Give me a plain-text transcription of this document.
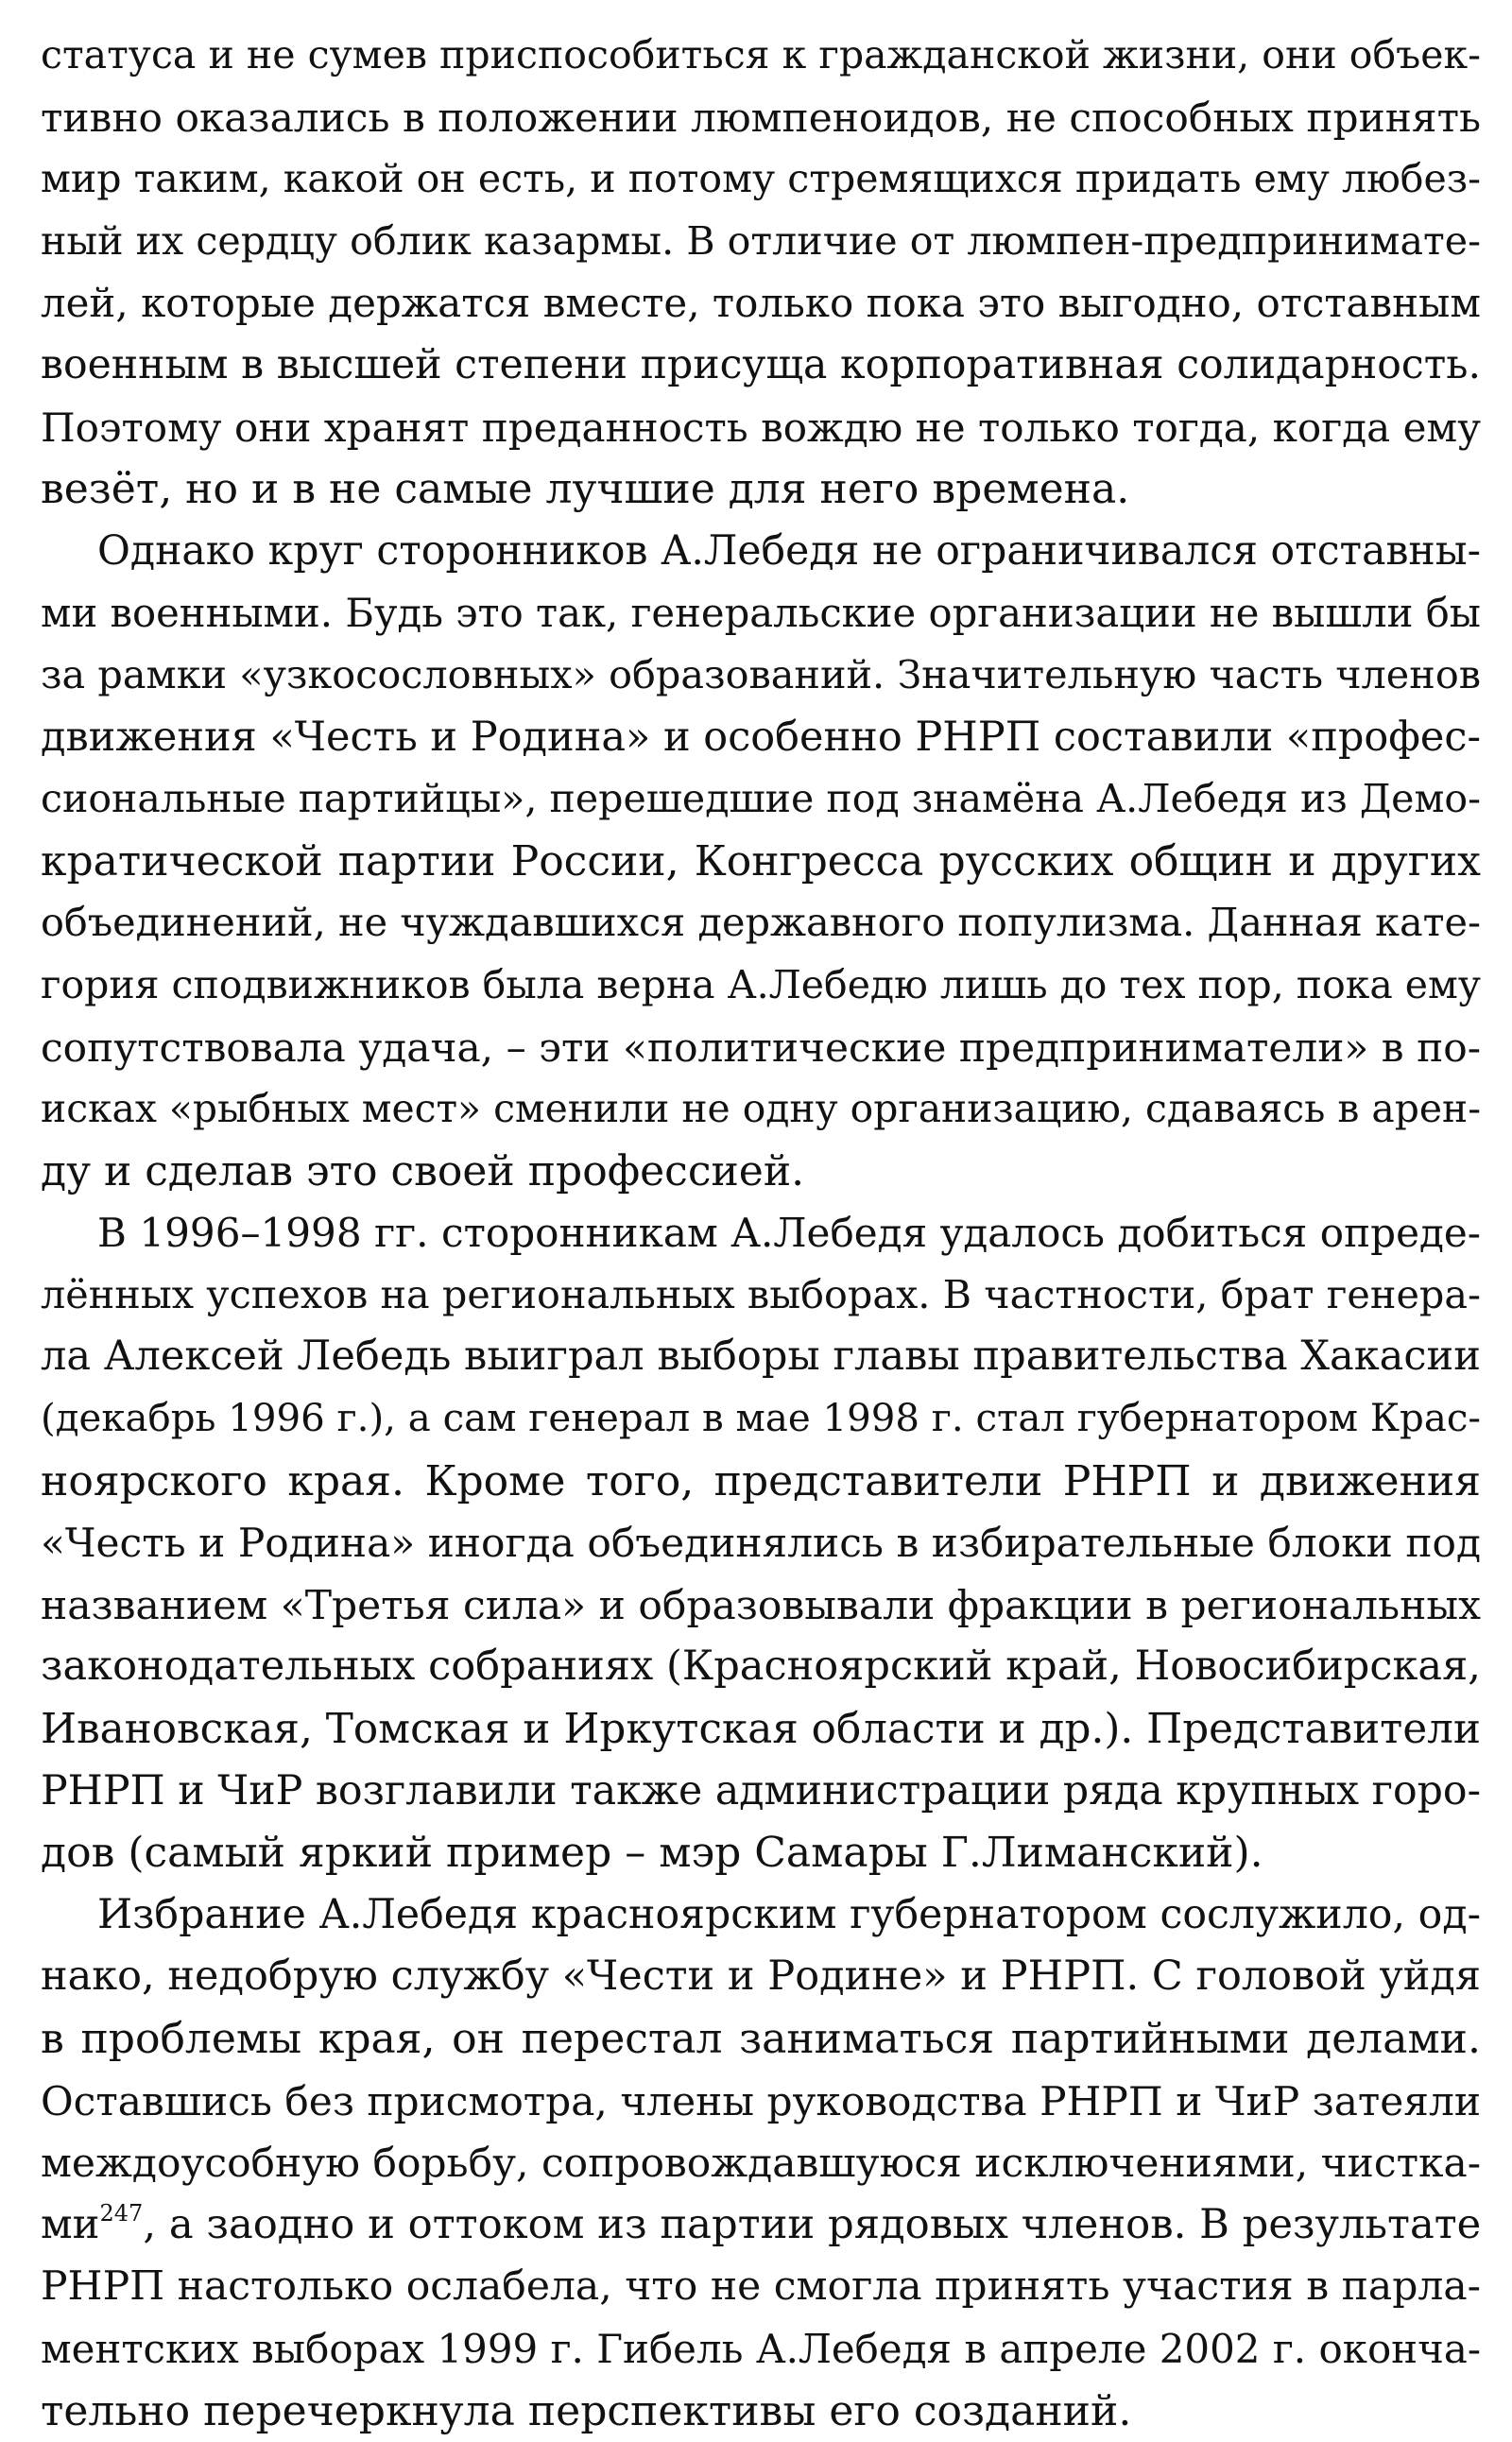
статуса и не сумев приспособиться к гражданской жизни, они объек-
тивно оказались в положении люмпеноидов, не способных принять
мир таким, какой он есть, и потому стремящихся придать ему любез-
ный их сердцу облик казармы. В отличие от люмпен-предпринимате-
лей, которые держатся вместе, только пока это выгодно, отставным
военным в высшей степени присуща корпоративная солидарность.
Поэтому они хранят преданность вождю не только тогда, когда ему
везёт, но и в не самые лучшие для него времена.
Однако круг сторонников А.Лебедя не ограничивался отставны-
ми военными. Будь это так, генеральские организации не вышли бы
за рамки «узкосословных» образований. Значительную часть членов
движения «Честь и Родина» и особенно РНРП составили «профес-
сиональные партийцы», перешедшие под знамёна А.Лебедя из Демо-
кратической партии России, Конгресса русских общин и других
объединений, не чуждавшихся державного популизма. Данная кате-
гория сподвижников была верна А.Лебедю лишь до тех пор, пока ему
сопутствовала удача, – эти «политические предприниматели» в по-
исках «рыбных мест» сменили не одну организацию, сдаваясь в арен-
ду и сделав это своей профессией.
В 1996–1998 гг. сторонникам А.Лебедя удалось добиться опреде-
лённых успехов на региональных выборах. В частности, брат генера-
ла Алексей Лебедь выиграл выборы главы правительства Хакасии
(декабрь 1996 г.), а сам генерал в мае 1998 г. стал губернатором Крас-
ноярского края. Кроме того, представители РНРП и движения
«Честь и Родина» иногда объединялись в избирательные блоки под
названием «Третья сила» и образовывали фракции в региональных
законодательных собраниях (Красноярский край, Новосибирская,
Ивановская, Томская и Иркутская области и др.). Представители
РНРП и ЧиР возглавили также администрации ряда крупных горо-
дов (самый яркий пример – мэр Самары Г.Лиманский).
Избрание А.Лебедя красноярским губернатором сослужило, од-
нако, недобрую службу «Чести и Родине» и РНРП. С головой уйдя
в проблемы края, он перестал заниматься партийными делами.
Оставшись без присмотра, члены руководства РНРП и ЧиР затеяли
междоусобную борьбу, сопровождавшуюся исключениями, чистка-
ми$^{247}$, а заодно и оттоком из партии рядовых членов. В результате
РНРП настолько ослабела, что не смогла принять участия в парла-
ментских выборах 1999 г. Гибель А.Лебедя в апреле 2002 г. оконча-
тельно перечеркнула перспективы его созданий.
